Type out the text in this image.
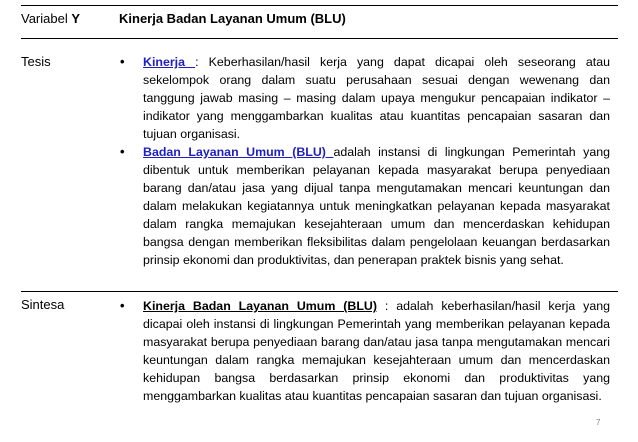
Variabel Y	Kinerja Badan Layanan Umum (BLU)
Tesis	• Kinerja : Keberhasilan/hasil kerja yang dapat dicapai oleh seseorang atau sekelompok orang dalam suatu perusahaan sesuai dengan wewenang dan tanggung jawab masing – masing dalam upaya mengukur pencapaian indikator – indikator yang menggambarkan kualitas atau kuantitas pencapaian sasaran dan tujuan organisasi.
• Badan Layanan Umum (BLU) adalah instansi di lingkungan Pemerintah yang dibentuk untuk memberikan pelayanan kepada masyarakat berupa penyediaan barang dan/atau jasa yang dijual tanpa mengutamakan mencari keuntungan dan dalam melakukan kegiatannya untuk meningkatkan pelayanan kepada masyarakat dalam rangka memajukan kesejahteraan umum dan mencerdaskan kehidupan bangsa dengan memberikan fleksibilitas dalam pengelolaan keuangan berdasarkan prinsip ekonomi dan produktivitas, dan penerapan praktek bisnis yang sehat.
Sintesa	• Kinerja Badan Layanan Umum (BLU) : adalah keberhasilan/hasil kerja yang dicapai oleh instansi di lingkungan Pemerintah yang memberikan pelayanan kepada masyarakat berupa penyediaan barang dan/atau jasa tanpa mengutamakan mencari keuntungan dalam rangka memajukan kesejahteraan umum dan mencerdaskan kehidupan bangsa berdasarkan prinsip ekonomi dan produktivitas yang menggambarkan kualitas atau kuantitas pencapaian sasaran dan tujuan organisasi.
7
